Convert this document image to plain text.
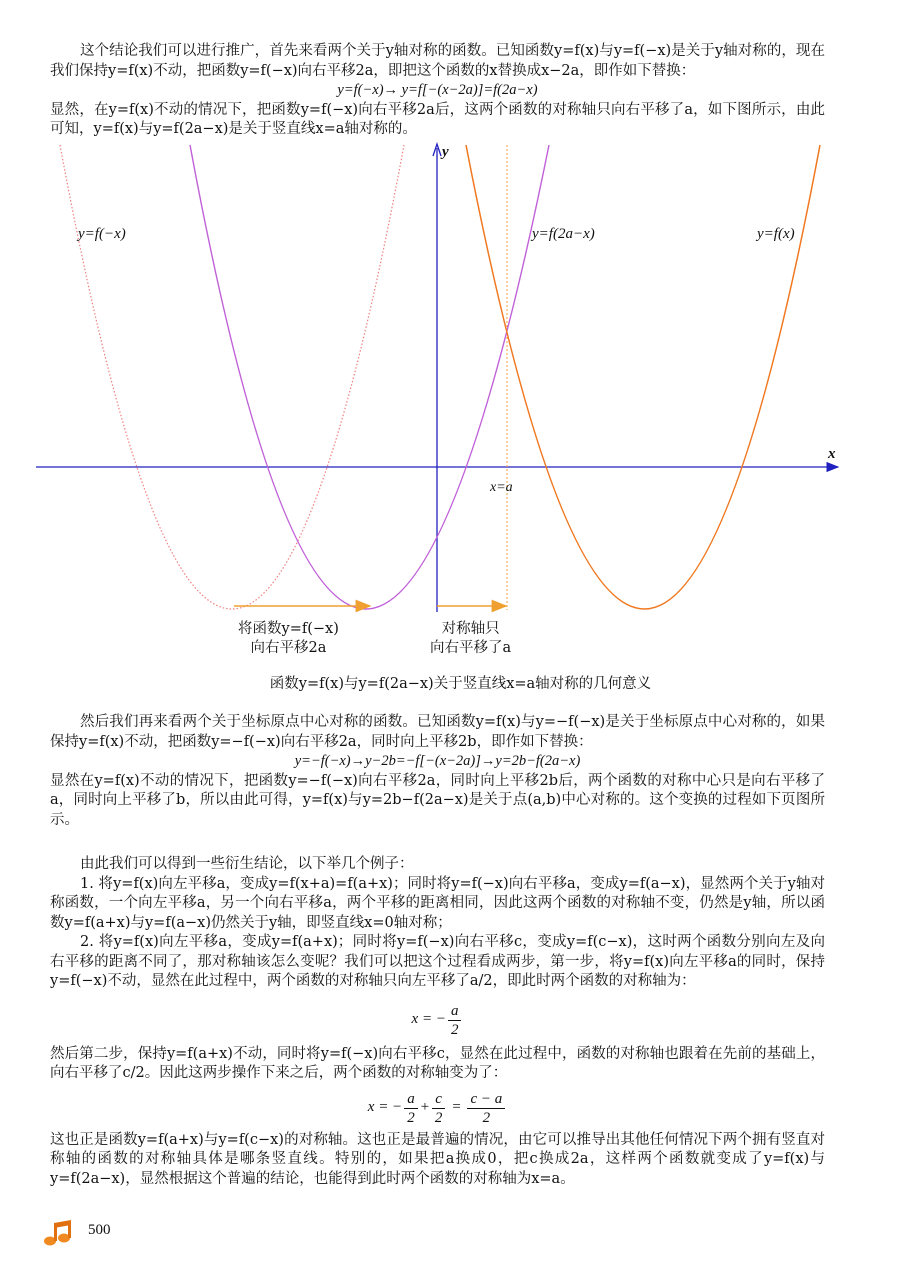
这个结论我们可以进行推广，首先来看两个关于y轴对称的函数。已知函数y=f(x)与y=f(−x)是关于y轴对称的，现在我们保持y=f(x)不动，把函数y=f(−x)向右平移2a，即把这个函数的x替换成x−2a，即作如下替换：

y=f(−x)→ y=f[−(x−2a)]=f(2a−x)

显然，在y=f(x)不动的情况下，把函数y=f(−x)向右平移2a后，这两个函数的对称轴只向右平移了a，如下图所示，由此可知，y=f(x)与y=f(2a−x)是关于竖直线x=a轴对称的。

y=f(−x)	y=f(2a−x)	y=f(x)
y
x
x=a
将函数y=f(−x)
向右平移2a
对称轴只
向右平移了a
函数y=f(x)与y=f(2a−x)关于竖直线x=a轴对称的几何意义

然后我们再来看两个关于坐标原点中心对称的函数。已知函数y=f(x)与y=−f(−x)是关于坐标原点中心对称的，如果保持y=f(x)不动，把函数y=−f(−x)向右平移2a，同时向上平移2b，即作如下替换：

y=−f(−x)→y−2b=−f[−(x−2a)]→y=2b−f(2a−x)

显然在y=f(x)不动的情况下，把函数y=−f(−x)向右平移2a，同时向上平移2b后，两个函数的对称中心只是向右平移了a，同时向上平移了b，所以由此可得，y=f(x)与y=2b−f(2a−x)是关于点(a,b)中心对称的。这个变换的过程如下页图所示。

由此我们可以得到一些衍生结论，以下举几个例子：

1. 将y=f(x)向左平移a，变成y=f(x+a)=f(a+x)；同时将y=f(−x)向右平移a，变成y=f(a−x)，显然两个关于y轴对称函数，一个向左平移a，另一个向右平移a，两个平移的距离相同，因此这两个函数的对称轴不变，仍然是y轴，所以函数y=f(a+x)与y=f(a−x)仍然关于y轴，即竖直线x=0轴对称；

2. 将y=f(x)向左平移a，变成y=f(a+x)；同时将y=f(−x)向右平移c，变成y=f(c−x)，这时两个函数分别向左及向右平移的距离不同了，那对称轴该怎么变呢？我们可以把这个过程看成两步，第一步，将y=f(x)向左平移a的同时，保持y=f(−x)不动，显然在此过程中，两个函数的对称轴只向左平移了a/2，即此时两个函数的对称轴为：

x = − $\frac{a}{2}$

然后第二步，保持y=f(a+x)不动，同时将y=f(−x)向右平移c，显然在此过程中，函数的对称轴也跟着在先前的基础上，向右平移了c/2。因此这两步操作下来之后，两个函数的对称轴变为了：

x = − $\frac{a}{2} + \frac{c}{2} = \frac{c - a}{2}$

这也正是函数y=f(a+x)与y=f(c−x)的对称轴。这也正是最普遍的情况，由它可以推导出其他任何情况下两个拥有竖直对称轴的函数的对称轴具体是哪条竖直线。特别的，如果把a换成0，把c换成2a，这样两个函数就变成了y=f(x)与y=f(2a−x)，显然根据这个普遍的结论，也能得到此时两个函数的对称轴为x=a。

500
